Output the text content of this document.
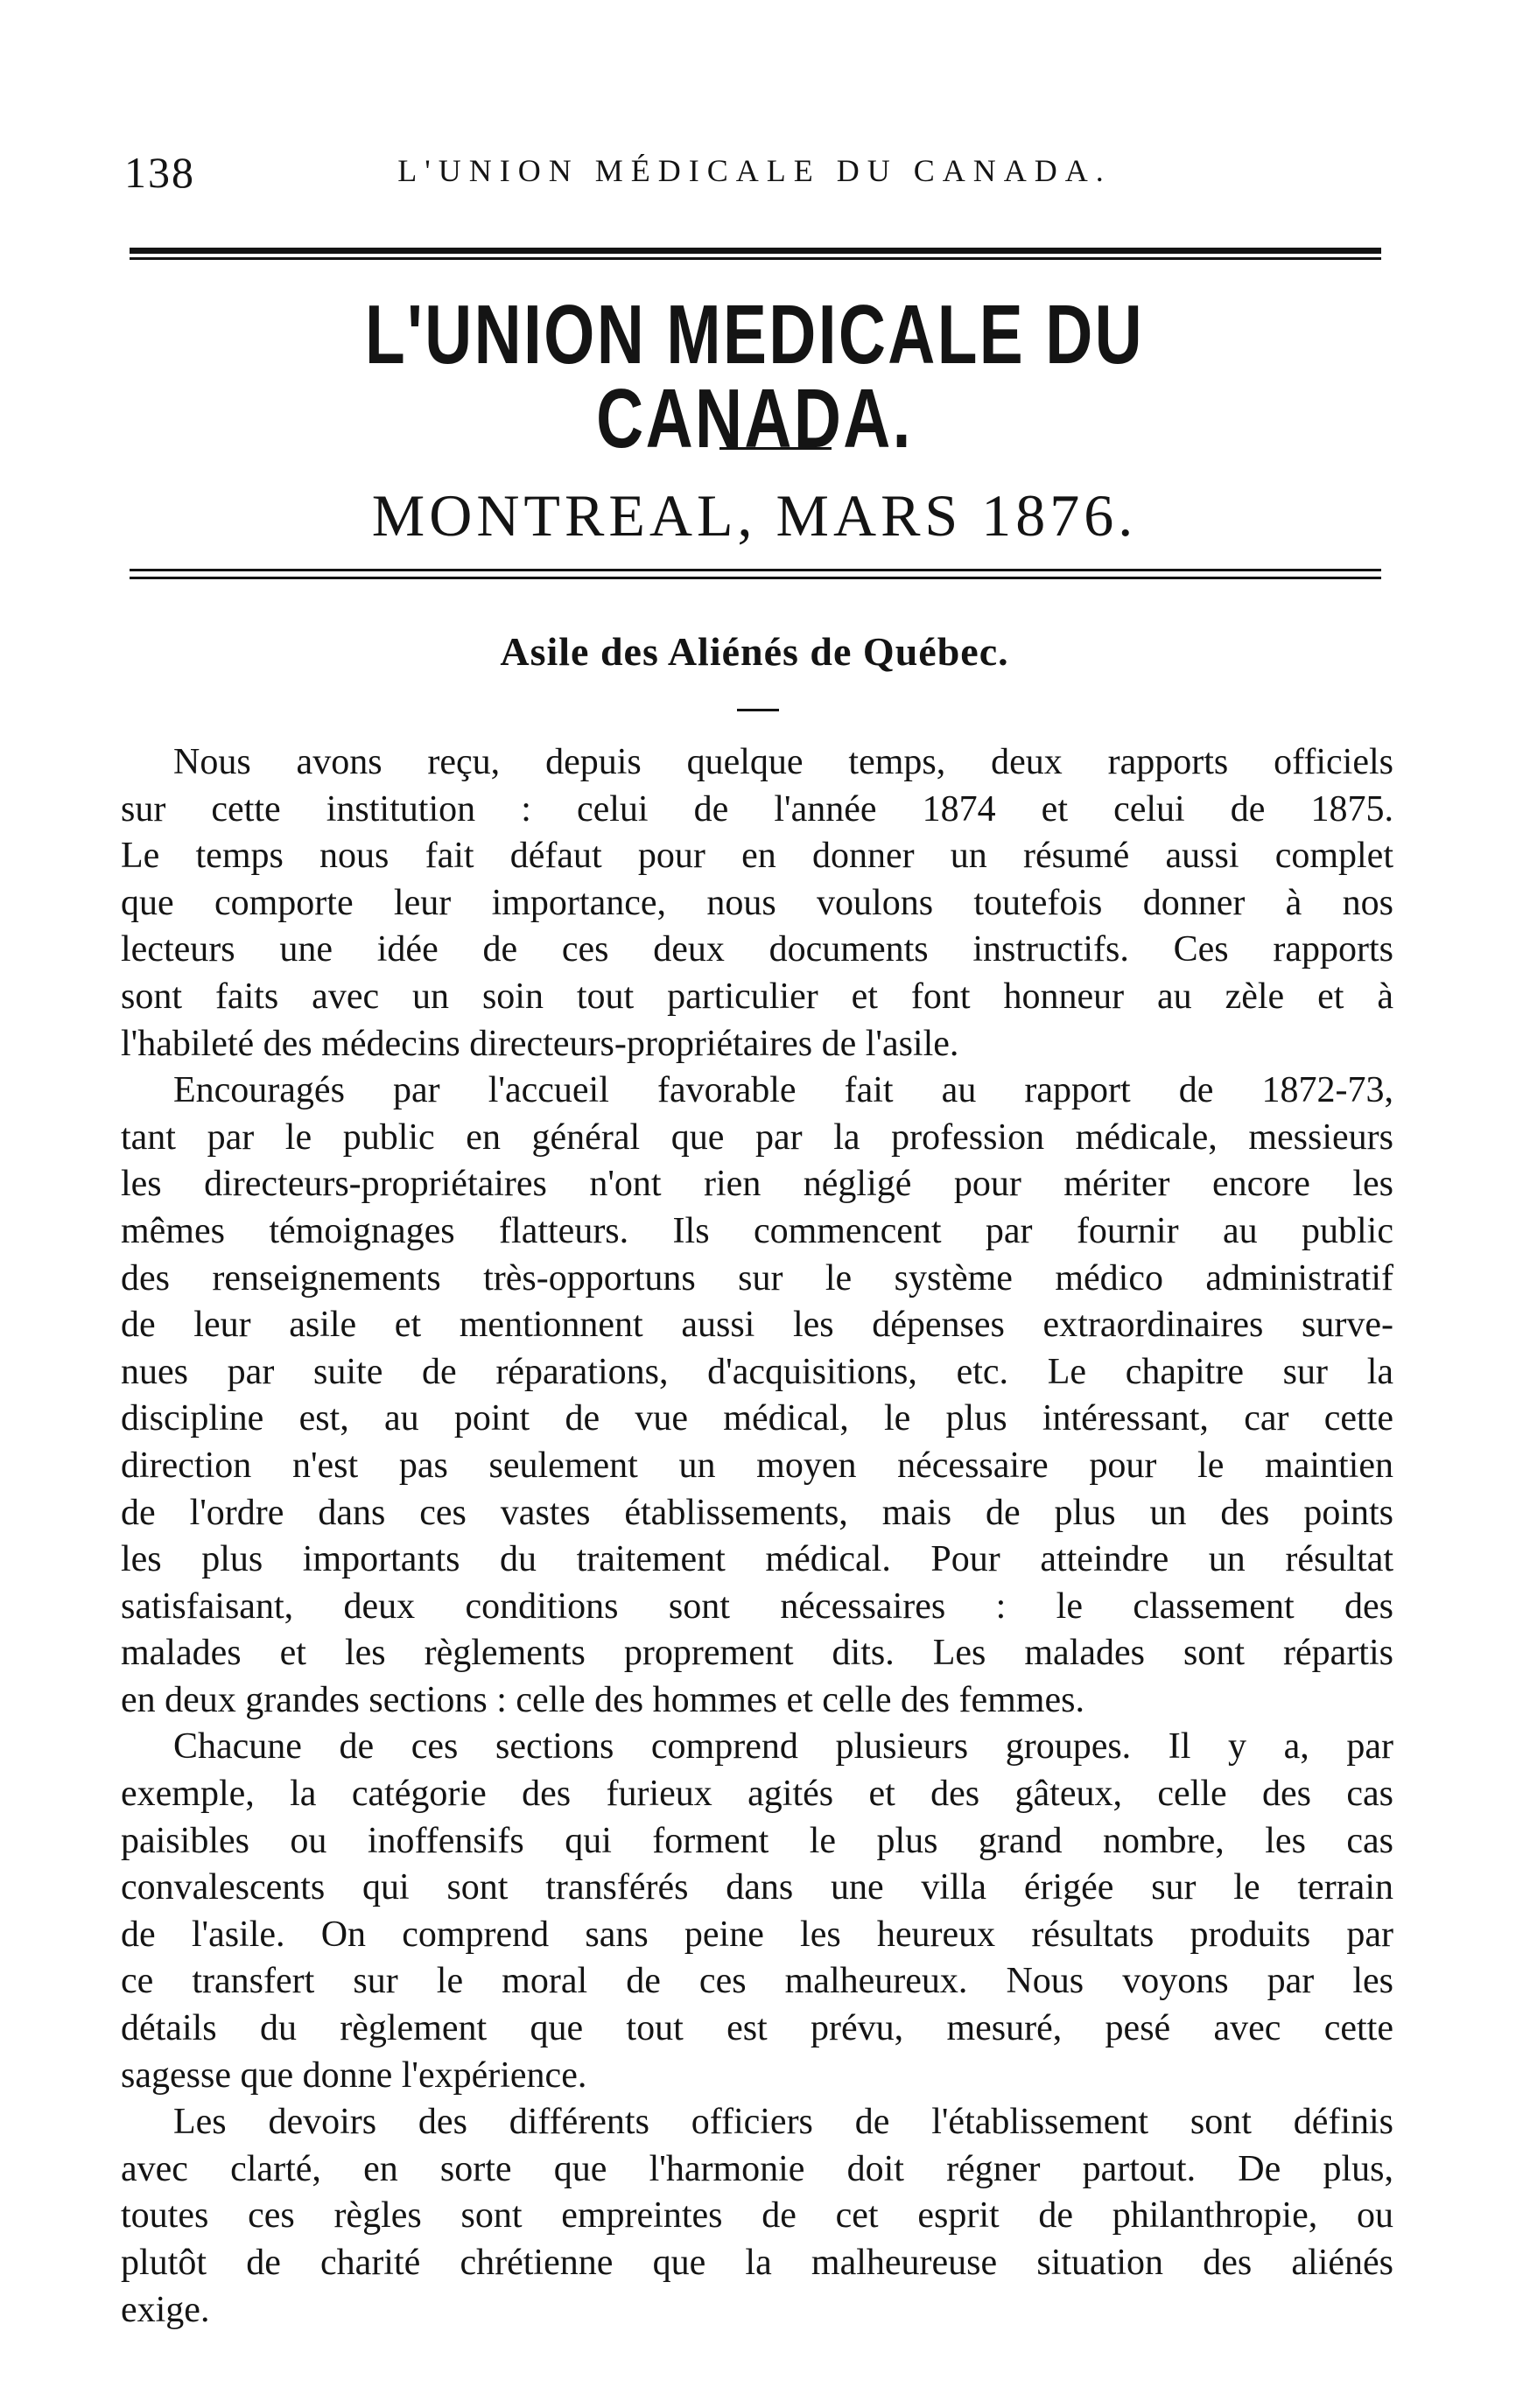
138	L'UNION MÉDICALE DU CANADA.
L'UNION MEDICALE DU CANADA.
MONTREAL, MARS 1876.
Asile des Aliénés de Québec.

Nous avons reçu, depuis quelque temps, deux rapports officiels
sur cette institution : celui de l'année 1874 et celui de 1875.
Le temps nous fait défaut pour en donner un résumé aussi complet
que comporte leur importance, nous voulons toutefois donner à nos
lecteurs une idée de ces deux documents instructifs. Ces rapports
sont faits avec un soin tout particulier et font honneur au zèle et à
l'habileté des médecins directeurs-propriétaires de l'asile.

Encouragés par l'accueil favorable fait au rapport de 1872-73,
tant par le public en général que par la profession médicale, messieurs
les directeurs-propriétaires n'ont rien négligé pour mériter encore les
mêmes témoignages flatteurs. Ils commencent par fournir au public
des renseignements très-opportuns sur le système médico administratif
de leur asile et mentionnent aussi les dépenses extraordinaires surve-
nues par suite de réparations, d'acquisitions, etc. Le chapitre sur la
discipline est, au point de vue médical, le plus intéressant, car cette
direction n'est pas seulement un moyen nécessaire pour le maintien
de l'ordre dans ces vastes établissements, mais de plus un des points
les plus importants du traitement médical. Pour atteindre un résultat
satisfaisant, deux conditions sont nécessaires : le classement des
malades et les règlements proprement dits. Les malades sont répartis
en deux grandes sections : celle des hommes et celle des femmes.

Chacune de ces sections comprend plusieurs groupes. Il y a, par
exemple, la catégorie des furieux agités et des gâteux, celle des cas
paisibles ou inoffensifs qui forment le plus grand nombre, les cas
convalescents qui sont transférés dans une villa érigée sur le terrain
de l'asile. On comprend sans peine les heureux résultats produits par
ce transfert sur le moral de ces malheureux. Nous voyons par les
détails du règlement que tout est prévu, mesuré, pesé avec cette
sagesse que donne l'expérience.

Les devoirs des différents officiers de l'établissement sont définis
avec clarté, en sorte que l'harmonie doit régner partout. De plus,
toutes ces règles sont empreintes de cet esprit de philanthropie, ou
plutôt de charité chrétienne que la malheureuse situation des aliénés
exige.
